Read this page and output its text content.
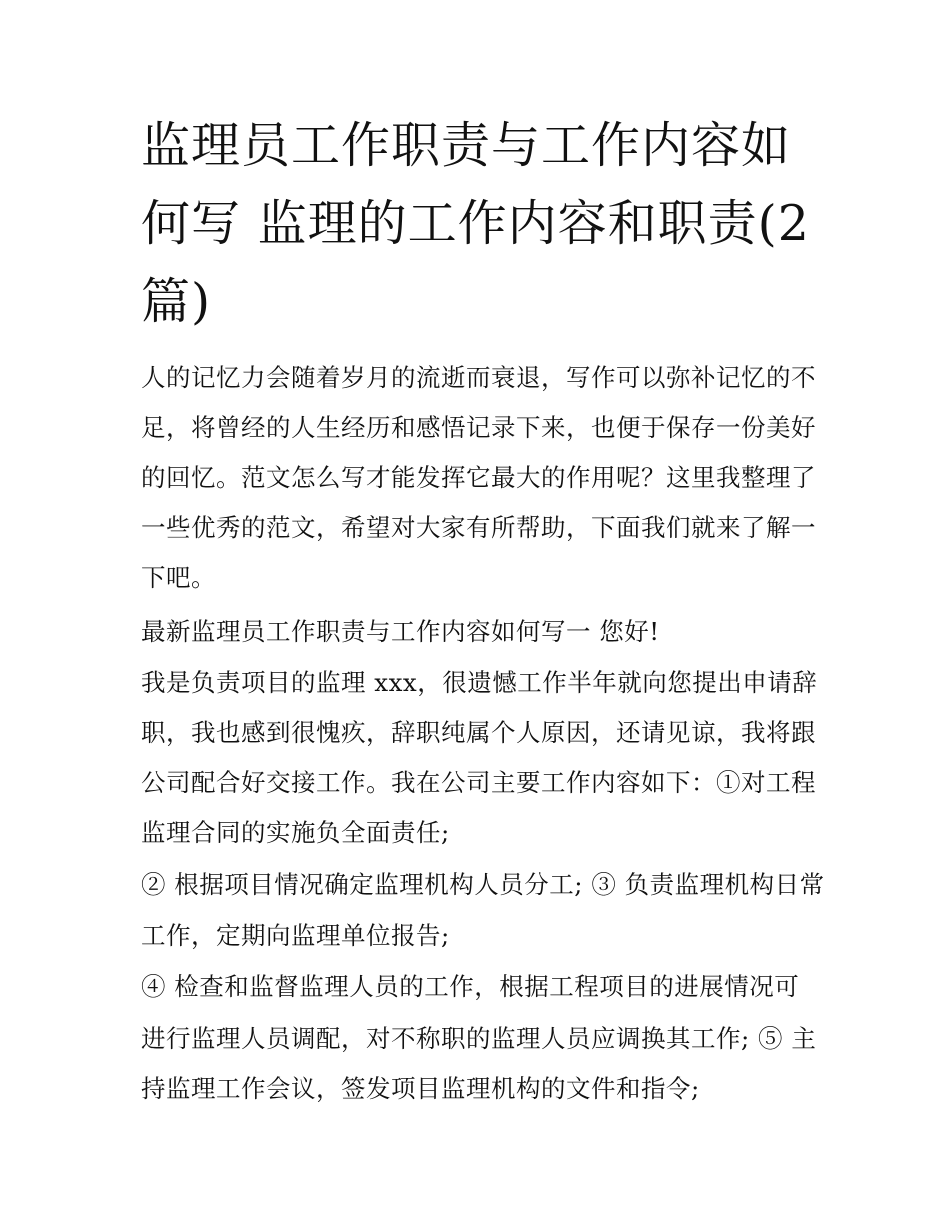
监理员工作职责与工作内容如
何写 监理的工作内容和职责(2
篇)
人的记忆力会随着岁月的流逝而衰退，写作可以弥补记忆的不
足，将曾经的人生经历和感悟记录下来，也便于保存一份美好
的回忆。范文怎么写才能发挥它最大的作用呢？这里我整理了
一些优秀的范文，希望对大家有所帮助，下面我们就来了解一
下吧。
最新监理员工作职责与工作内容如何写一 您好!
我是负责项目的监理 xxx，很遗憾工作半年就向您提出申请辞
职，我也感到很愧疚，辞职纯属个人原因，还请见谅，我将跟
公司配合好交接工作。我在公司主要工作内容如下：①对工程
监理合同的实施负全面责任;
② 根据项目情况确定监理机构人员分工; ③ 负责监理机构日常
工作，定期向监理单位报告;
④ 检查和监督监理人员的工作，根据工程项目的进展情况可
进行监理人员调配，对不称职的监理人员应调换其工作; ⑤ 主
持监理工作会议，签发项目监理机构的文件和指令;
